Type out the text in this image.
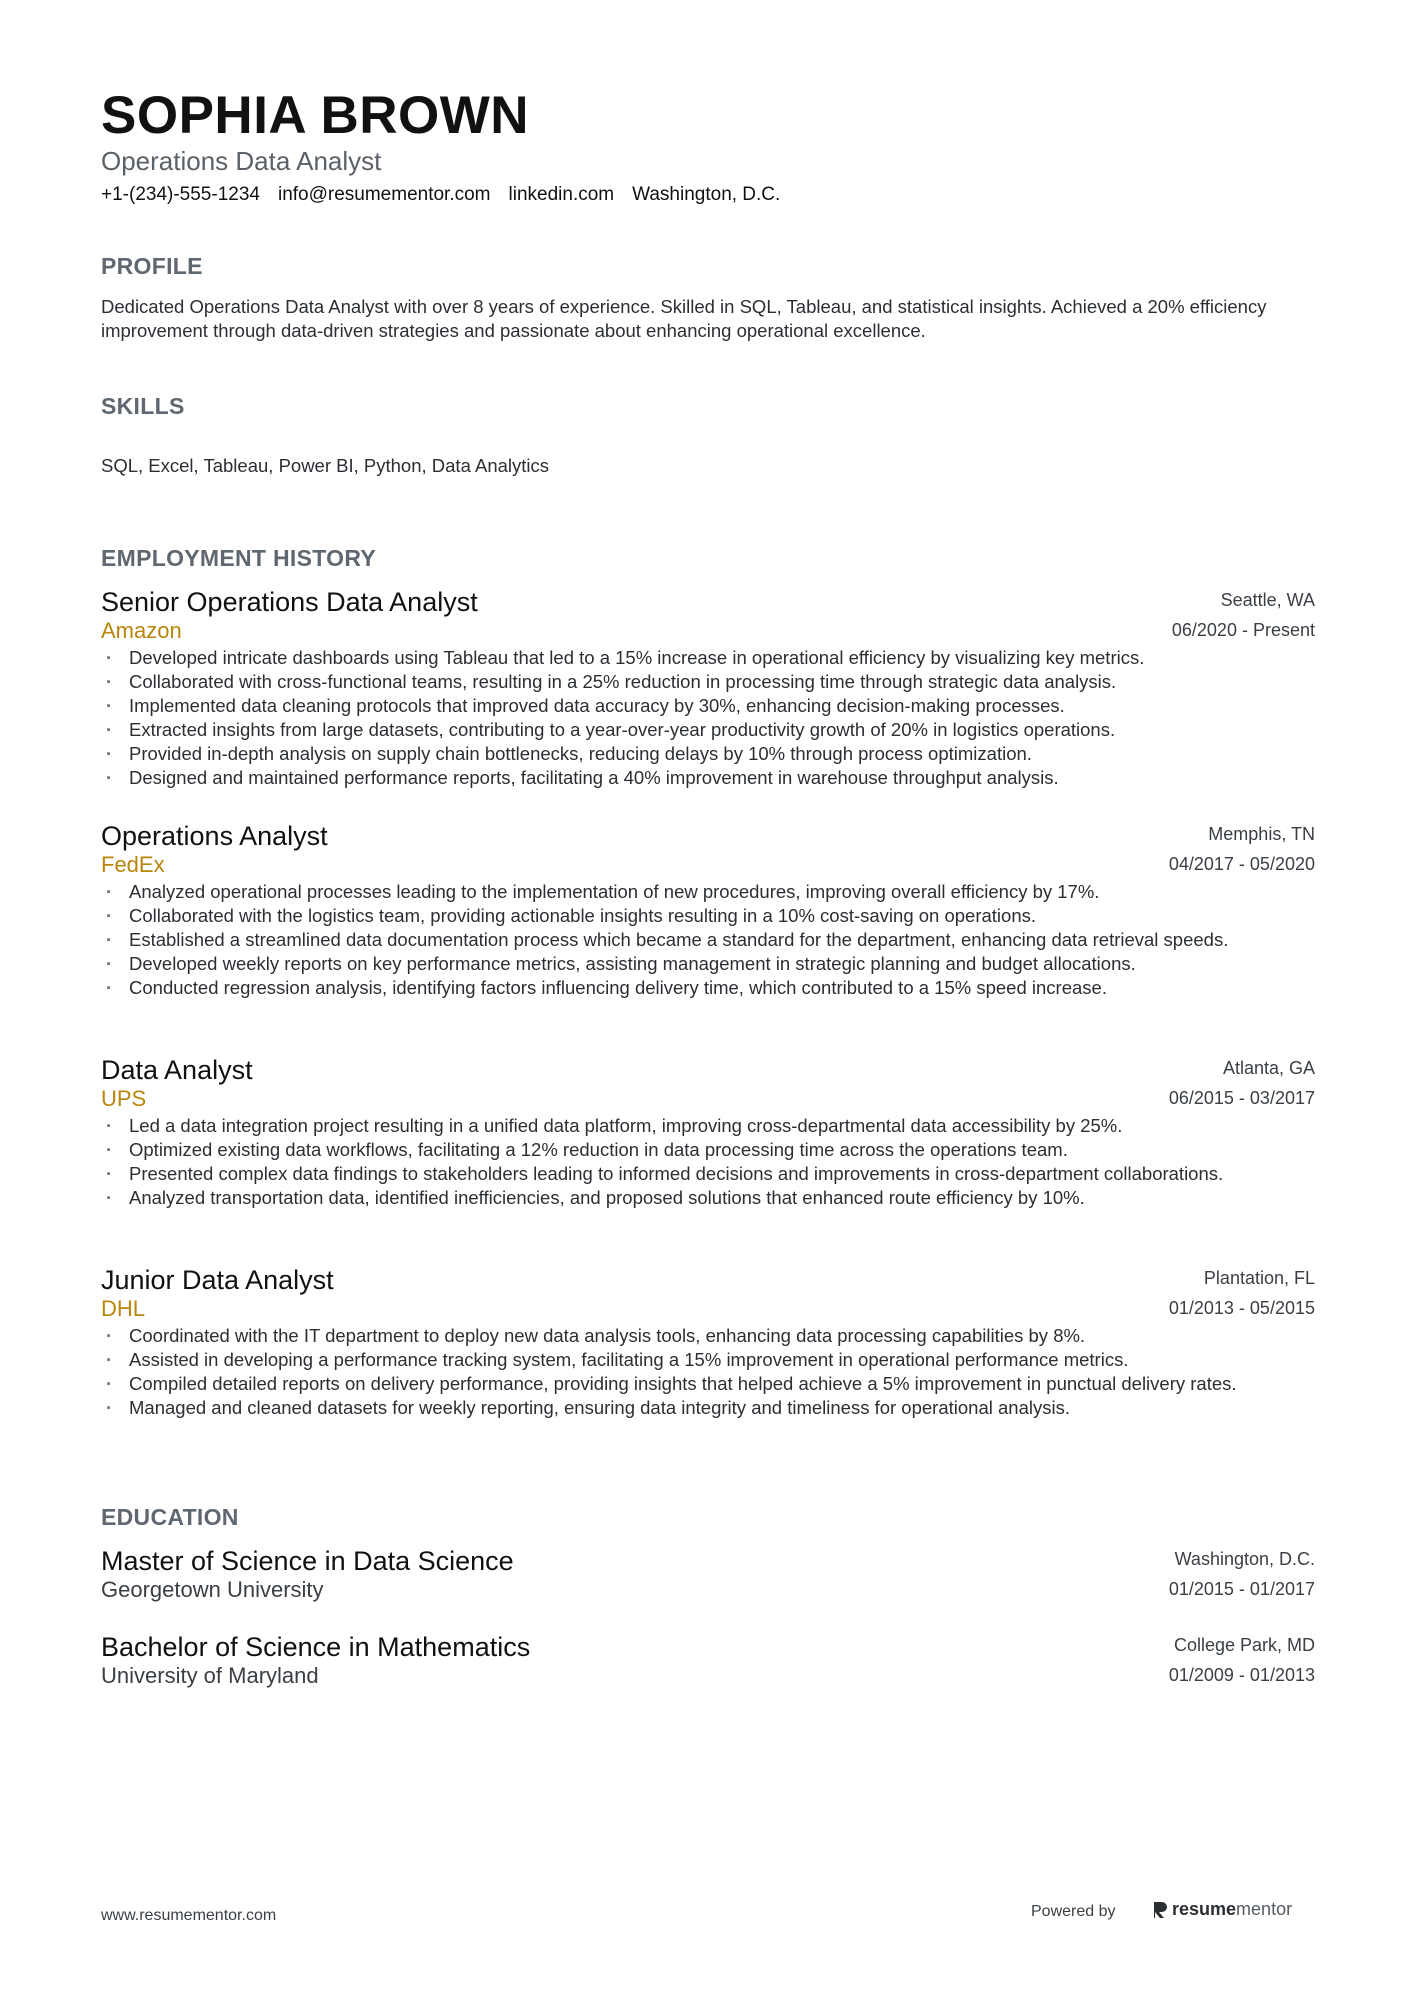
SOPHIA BROWN
Operations Data Analyst
+1-(234)-555-1234 info@resumementor.com linkedin.com Washington, D.C.
PROFILE

Dedicated Operations Data Analyst with over 8 years of experience. Skilled in SQL, Tableau, and statistical insights. Achieved a 20% efficiency improvement through data-driven strategies and passionate about enhancing operational excellence.

SKILLS

SQL, Excel, Tableau, Power BI, Python, Data Analytics

EMPLOYMENT HISTORY
Senior Operations Data Analyst
Amazon
Seattle, WA
06/2020 - Present
· Developed intricate dashboards using Tableau that led to a 15% increase in operational efficiency by visualizing key metrics.
· Collaborated with cross-functional teams, resulting in a 25% reduction in processing time through strategic data analysis.
· Implemented data cleaning protocols that improved data accuracy by 30%, enhancing decision-making processes.
· Extracted insights from large datasets, contributing to a year-over-year productivity growth of 20% in logistics operations.
· Provided in-depth analysis on supply chain bottlenecks, reducing delays by 10% through process optimization.
· Designed and maintained performance reports, facilitating a 40% improvement in warehouse throughput analysis.
Operations Analyst
FedEx
Memphis, TN
04/2017 - 05/2020
· Analyzed operational processes leading to the implementation of new procedures, improving overall efficiency by 17%.
· Collaborated with the logistics team, providing actionable insights resulting in a 10% cost-saving on operations.
· Established a streamlined data documentation process which became a standard for the department, enhancing data retrieval speeds.
· Developed weekly reports on key performance metrics, assisting management in strategic planning and budget allocations.
· Conducted regression analysis, identifying factors influencing delivery time, which contributed to a 15% speed increase.
Data Analyst
UPS
Atlanta, GA
06/2015 - 03/2017
· Led a data integration project resulting in a unified data platform, improving cross-departmental data accessibility by 25%.
· Optimized existing data workflows, facilitating a 12% reduction in data processing time across the operations team.
· Presented complex data findings to stakeholders leading to informed decisions and improvements in cross-department collaborations.
· Analyzed transportation data, identified inefficiencies, and proposed solutions that enhanced route efficiency by 10%.
Junior Data Analyst
DHL
Plantation, FL
01/2013 - 05/2015
· Coordinated with the IT department to deploy new data analysis tools, enhancing data processing capabilities by 8%.
· Assisted in developing a performance tracking system, facilitating a 15% improvement in operational performance metrics.
· Compiled detailed reports on delivery performance, providing insights that helped achieve a 5% improvement in punctual delivery rates.
· Managed and cleaned datasets for weekly reporting, ensuring data integrity and timeliness for operational analysis.
EDUCATION
Master of Science in Data Science
Georgetown University
Washington, D.C.
01/2015 - 01/2017
Bachelor of Science in Mathematics
University of Maryland
College Park, MD
01/2009 - 01/2013
www.resumementor.com	Powered by	resume mentor
